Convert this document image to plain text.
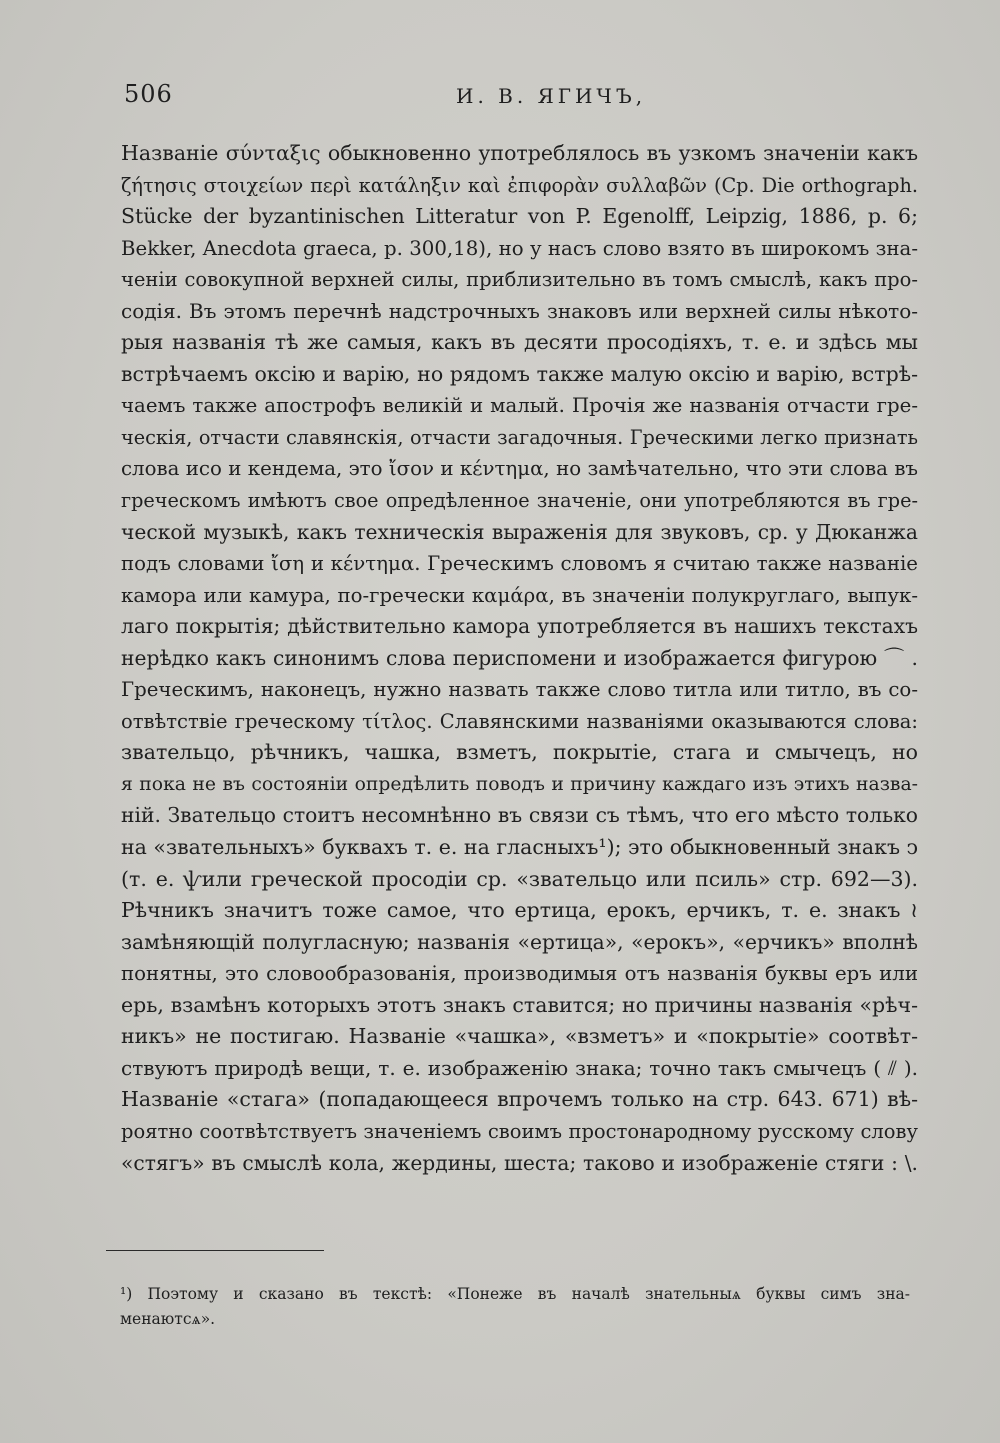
506	И. В. ЯГИЧЪ,
Названіе σύνταξις обыкновенно употреблялось въ узкомъ значеніи какъ
ζήτησις στοιχείων περὶ κατάληξιν καὶ ἐπιφορὰν συλλαβῶν (Cp. Die orthograph.
Stücke der byzantinischen Litteratur von P. Egenolff, Leipzig, 1886, p. 6;
Bekker, Anecdota graeca, p. 300,18), но у насъ слово взято въ широкомъ зна-
ченіи совокупной верхней силы, приблизительно въ томъ смыслѣ, какъ про-
содія. Въ этомъ перечнѣ надстрочныхъ знаковъ или верхней силы нѣкото-
рыя названія тѣ же самыя, какъ въ десяти просодіяхъ, т. е. и здѣсь мы
встрѣчаемъ оксію и варію, но рядомъ также малую оксію и варію, встрѣ-
чаемъ также апострофъ великій и малый. Прочія же названія отчасти гре-
ческія, отчасти славянскія, отчасти загадочныя. Греческими легко признать
слова исо и кендема, это ἴσον и κέντημα, но замѣчательно, что эти слова въ
греческомъ имѣютъ свое опредѣленное значеніе, они употребляются въ гре-
ческой музыкѣ, какъ техническія выраженія для звуковъ, ср. у Дюканжа
подъ словами ἴση и κέντημα. Греческимъ словомъ я считаю также названіе
камора или камура, по-гречески καμάρα, въ значеніи полукруглаго, выпук-
лаго покрытія; дѣйствительно камора употребляется въ нашихъ текстахъ
нерѣдко какъ синонимъ слова периспомени и изображается фигурою ⌒ .
Греческимъ, наконецъ, нужно назвать также слово титла или титло, въ со-
отвѣтствіе греческому τίτλος. Славянскими названіями оказываются слова:
звательцо, рѣчникъ, чашка, взметъ, покрытіе, стага и смычецъ, но
я пока не въ состояніи опредѣлить поводъ и причину каждаго изъ этихъ назва-
ній. Звательцо стоитъ несомнѣнно въ связи съ тѣмъ, что его мѣсто только
на «звательныхъ» буквахъ т. е. на гласныхъ¹); это обыкновенный знакъ ͻ
(т. е. ѱили греческой просодіи ср. «звательцо или псиль» стр. 692—3).
Рѣчникъ значитъ тоже самое, что ертица, ерокъ, ерчикъ, т. е. знакъ ≀
замѣняющій полугласную; названія «ертица», «ерокъ», «ерчикъ» вполнѣ
понятны, это словообразованія, производимыя отъ названія буквы еръ или
ерь, взамѣнъ которыхъ этотъ знакъ ставится; но причины названія «рѣч-
никъ» не постигаю. Названіе «чашка», «взметъ» и «покрытіе» соотвѣт-
ствуютъ природѣ вещи, т. е. изображенію знака; точно такъ смычецъ ( ⫽ ).
Названіе «стага» (попадающееся впрочемъ только на стр. 643. 671) вѣ-
роятно соотвѣтствуетъ значеніемъ своимъ простонародному русскому слову
«стягъ» въ смыслѣ кола, жердины, шеста; таково и изображеніе стяги : \.
¹) Поэтому и сказано въ текстѣ: «Понеже въ началѣ знательныѧ буквы симъ зна-
менаютсѧ».
